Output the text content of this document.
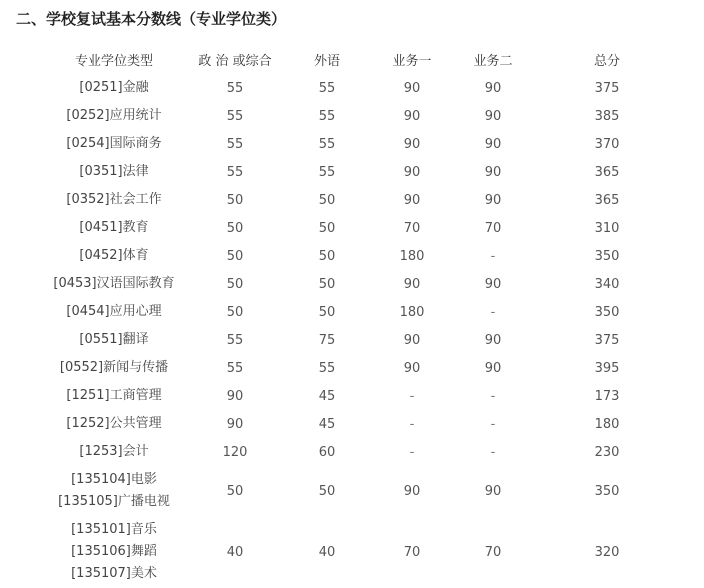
二、学校复试基本分数线（专业学位类）
专业学位类型	政 治 或综合	外语	业务一	业务二	总分

[0251]金融	55	55	90	90	375

[0252]应用统计	55	55	90	90	385

[0254]国际商务	55	55	90	90	370

[0351]法律	55	55	90	90	365

[0352]社会工作	50	50	90	90	365

[0451]教育	50	50	70	70	310

[0452]体育	50	50	180	-	350

[0453]汉语国际教育	50	50	90	90	340

[0454]应用心理	50	50	180	-	350

[0551]翻译	55	75	90	90	375

[0552]新闻与传播	55	55	90	90	395

[1251]工商管理	90	45	-	-	173

[1252]公共管理	90	45	-	-	180

[1253]会计	120	60	-	-	230

[135104]电影
[135105]广播电视	50	50	90	90	350

[135101]音乐
[135106]舞蹈
[135107]美术	40	40	70	70	320
